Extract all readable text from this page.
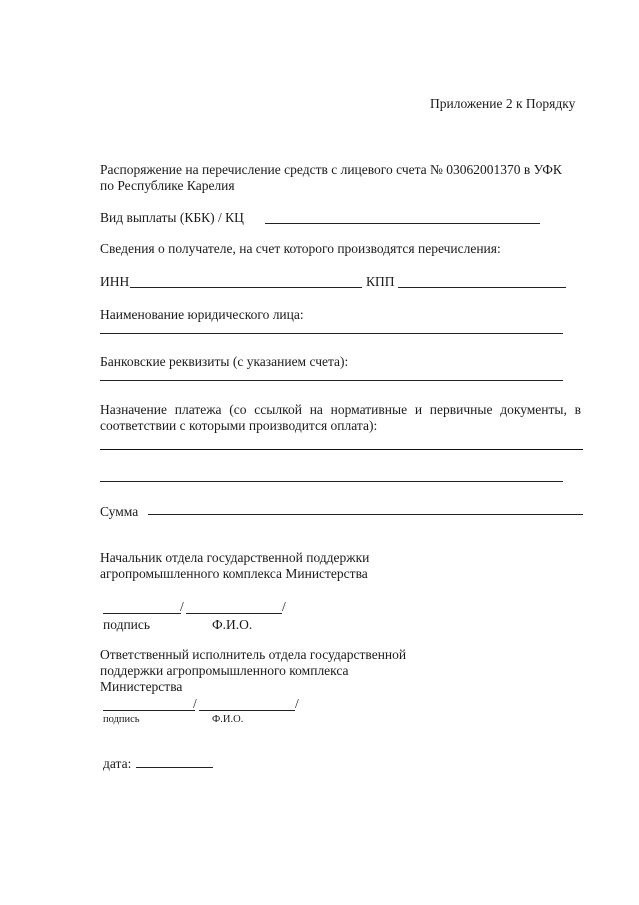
Приложение 2 к Порядку
Распоряжение на перечисление средств с лицевого счета № 03062001370 в УФК
по Республике Карелия
Вид выплаты (КБК) / КЦ
Сведения о получателе, на счет которого производятся перечисления:
ИНН	КПП
Наименование юридического лица:
Банковские реквизиты (с указанием счета):
Назначение платежа (со ссылкой на нормативные и первичные документы, в
соответствии с которыми производится оплата):
Сумма
Начальник отдела государственной поддержки
агропромышленного комплекса Министерства
/	/
подпись	Ф.И.О.
Ответственный исполнитель отдела государственной
поддержки агропромышленного комплекса
Министерства
/	/
подпись	Ф.И.О.
дата:
